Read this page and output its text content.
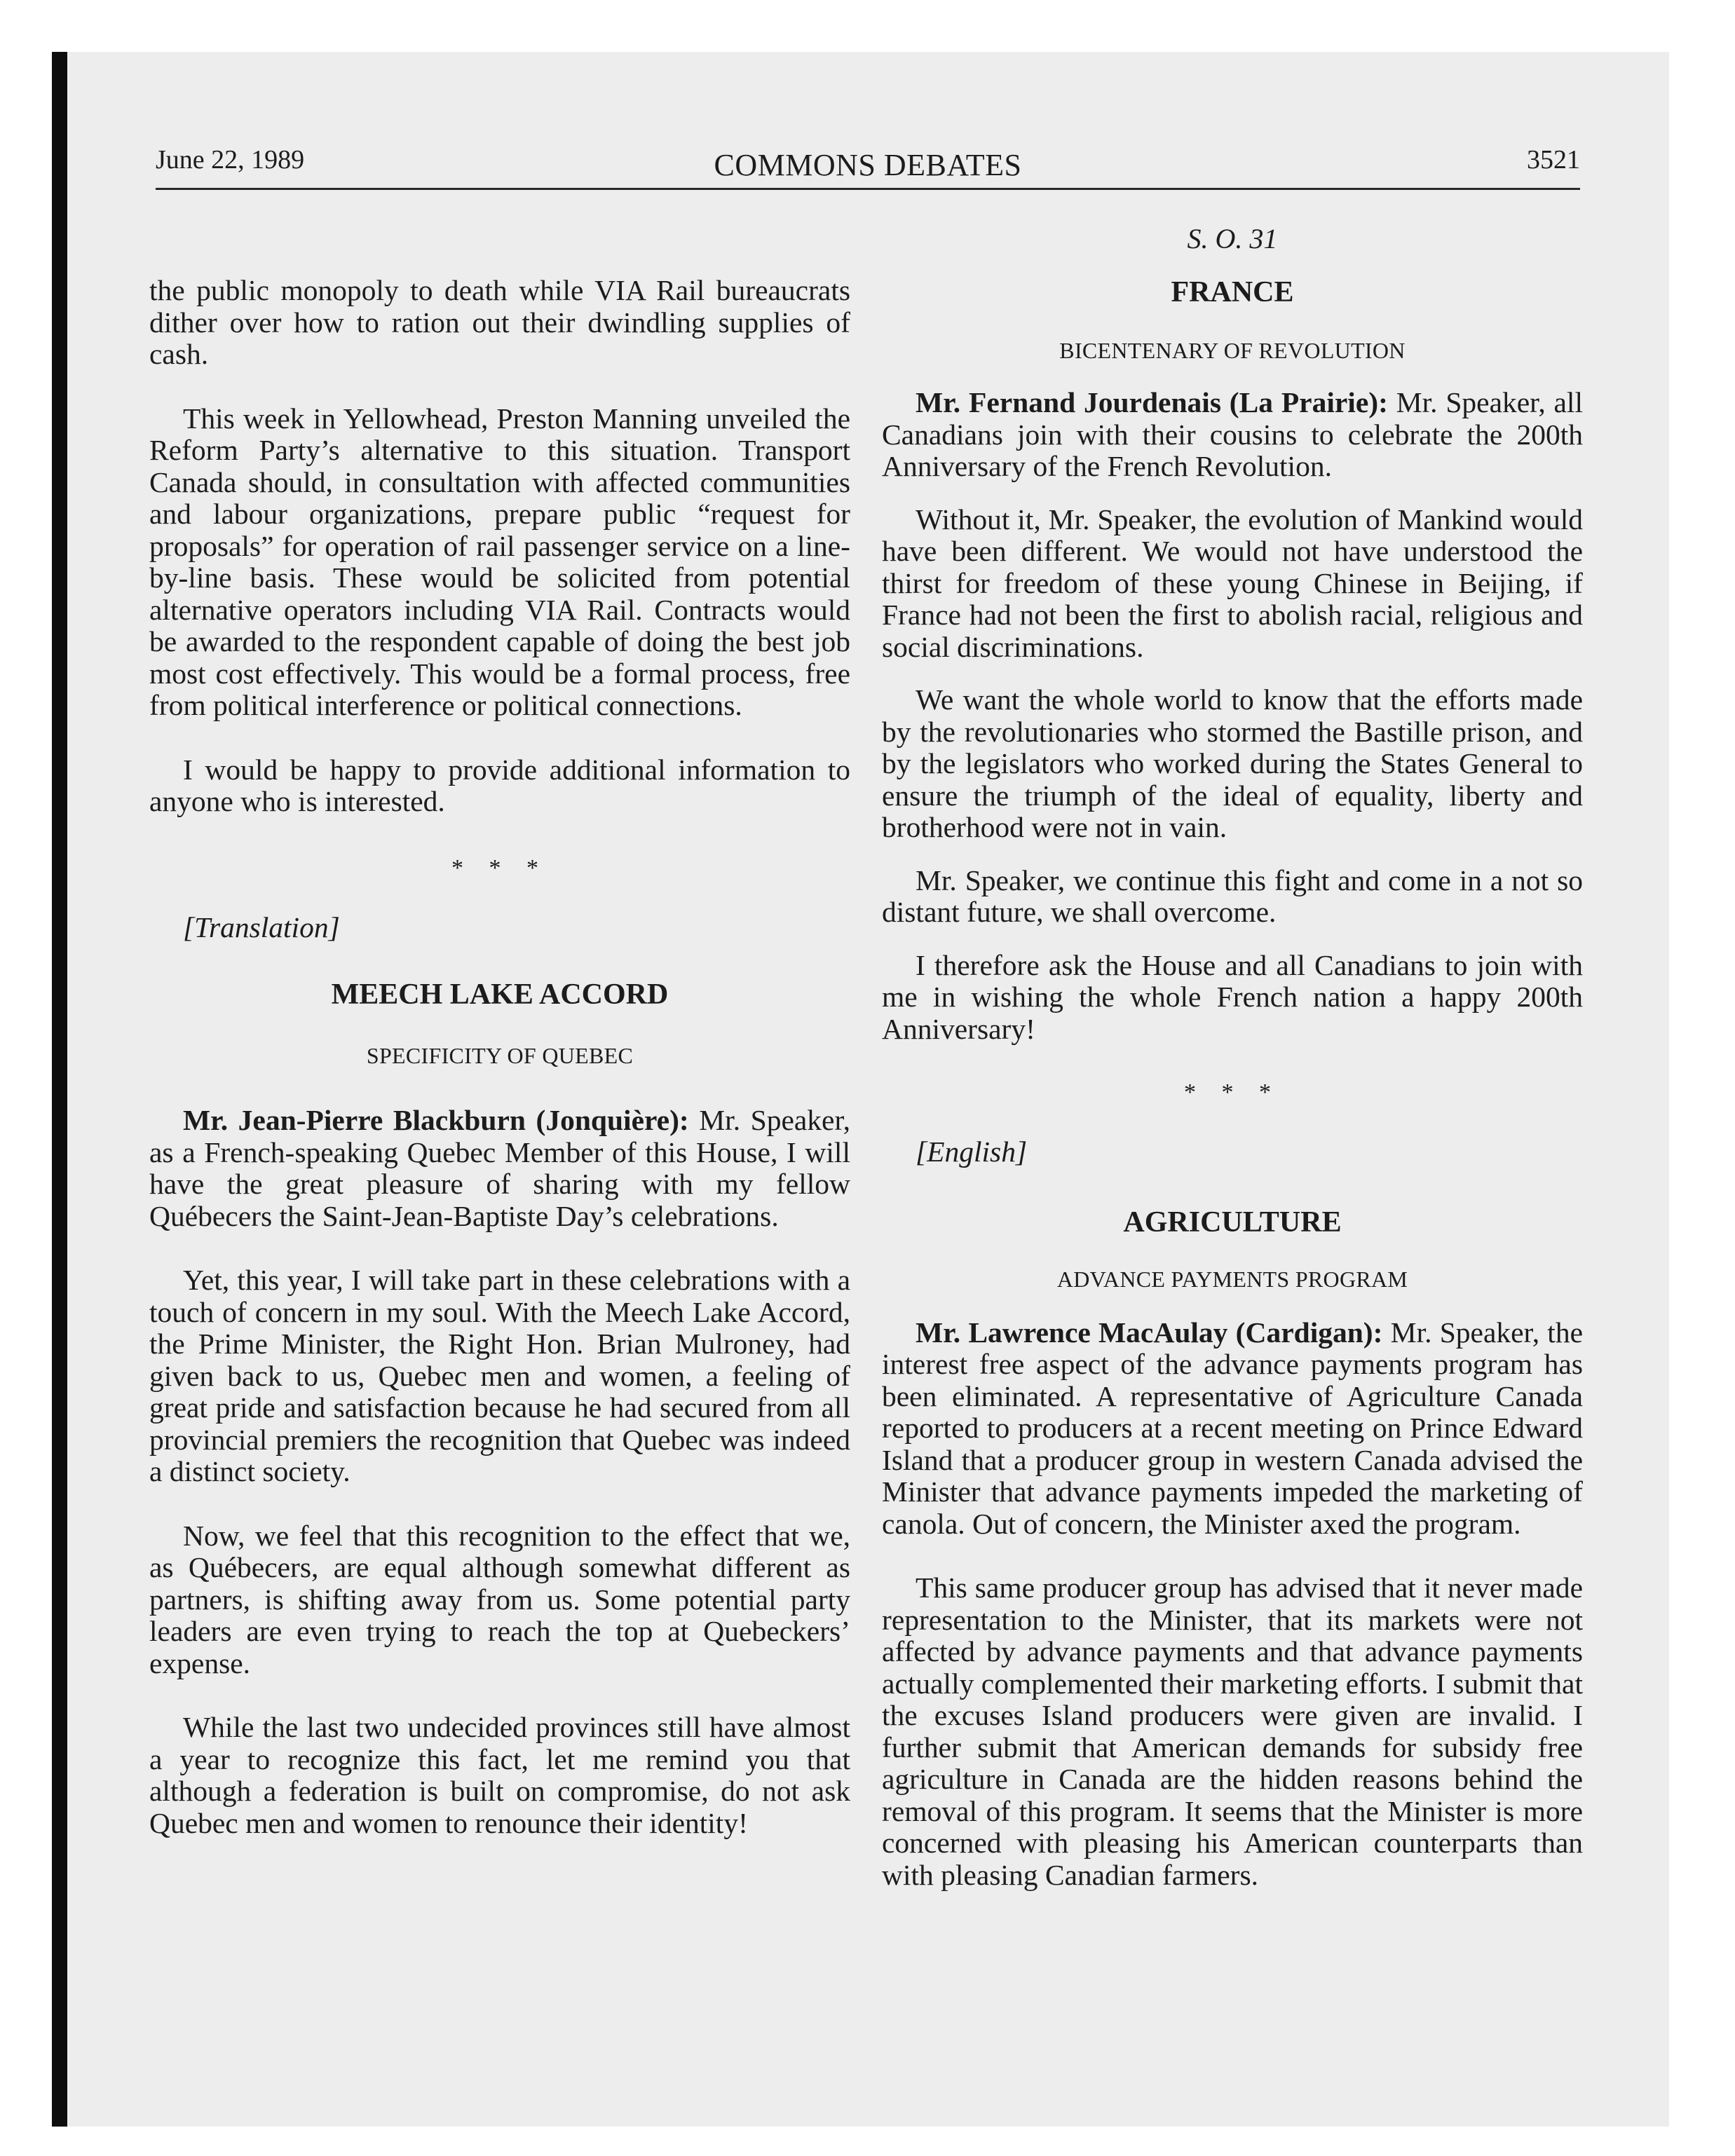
June 22, 1989	COMMONS DEBATES	3521

the public monopoly to death while VIA Rail bureaucrats dither over how to ration out their dwindling supplies of cash.

This week in Yellowhead, Preston Manning unveiled the Reform Party’s alternative to this situation. Transport Canada should, in consultation with affected communities and labour organizations, prepare public “request for proposals” for operation of rail passenger service on a line-by-line basis. These would be solicited from potential alternative operators including VIA Rail. Contracts would be awarded to the respondent capable of doing the best job most cost effectively. This would be a formal process, free from political interference or political connections.

I would be happy to provide additional information to anyone who is interested.

* * *

[Translation]

MEECH LAKE ACCORD
SPECIFICITY OF QUEBEC

Mr. Jean-Pierre Blackburn (Jonquière): Mr. Speaker, as a French-speaking Quebec Member of this House, I will have the great pleasure of sharing with my fellow Québecers the Saint-Jean-Baptiste Day’s celebrations.

Yet, this year, I will take part in these celebrations with a touch of concern in my soul. With the Meech Lake Accord, the Prime Minister, the Right Hon. Brian Mulroney, had given back to us, Quebec men and women, a feeling of great pride and satisfaction because he had secured from all provincial premiers the recognition that Quebec was indeed a distinct society.

Now, we feel that this recognition to the effect that we, as Québecers, are equal although somewhat different as partners, is shifting away from us. Some potential party leaders are even trying to reach the top at Quebeckers’ expense.

While the last two undecided provinces still have almost a year to recognize this fact, let me remind you that although a federation is built on compromise, do not ask Quebec men and women to renounce their identity!

S. O. 31
FRANCE
BICENTENARY OF REVOLUTION

Mr. Fernand Jourdenais (La Prairie): Mr. Speaker, all Canadians join with their cousins to celebrate the 200th Anniversary of the French Revolution.

Without it, Mr. Speaker, the evolution of Mankind would have been different. We would not have understood the thirst for freedom of these young Chinese in Beijing, if France had not been the first to abolish racial, religious and social discriminations.

We want the whole world to know that the efforts made by the revolutionaries who stormed the Bastille prison, and by the legislators who worked during the States General to ensure the triumph of the ideal of equality, liberty and brotherhood were not in vain.

Mr. Speaker, we continue this fight and come in a not so distant future, we shall overcome.

I therefore ask the House and all Canadians to join with me in wishing the whole French nation a happy 200th Anniversary!

* * *

[English]

AGRICULTURE
ADVANCE PAYMENTS PROGRAM

Mr. Lawrence MacAulay (Cardigan): Mr. Speaker, the interest free aspect of the advance payments program has been eliminated. A representative of Agriculture Canada reported to producers at a recent meeting on Prince Edward Island that a producer group in western Canada advised the Minister that advance payments impeded the marketing of canola. Out of concern, the Minister axed the program.

This same producer group has advised that it never made representation to the Minister, that its markets were not affected by advance payments and that advance payments actually complemented their marketing efforts. I submit that the excuses Island producers were given are invalid. I further submit that American demands for subsidy free agriculture in Canada are the hidden reasons behind the removal of this program. It seems that the Minister is more concerned with pleasing his American counterparts than with pleasing Canadian farmers.
